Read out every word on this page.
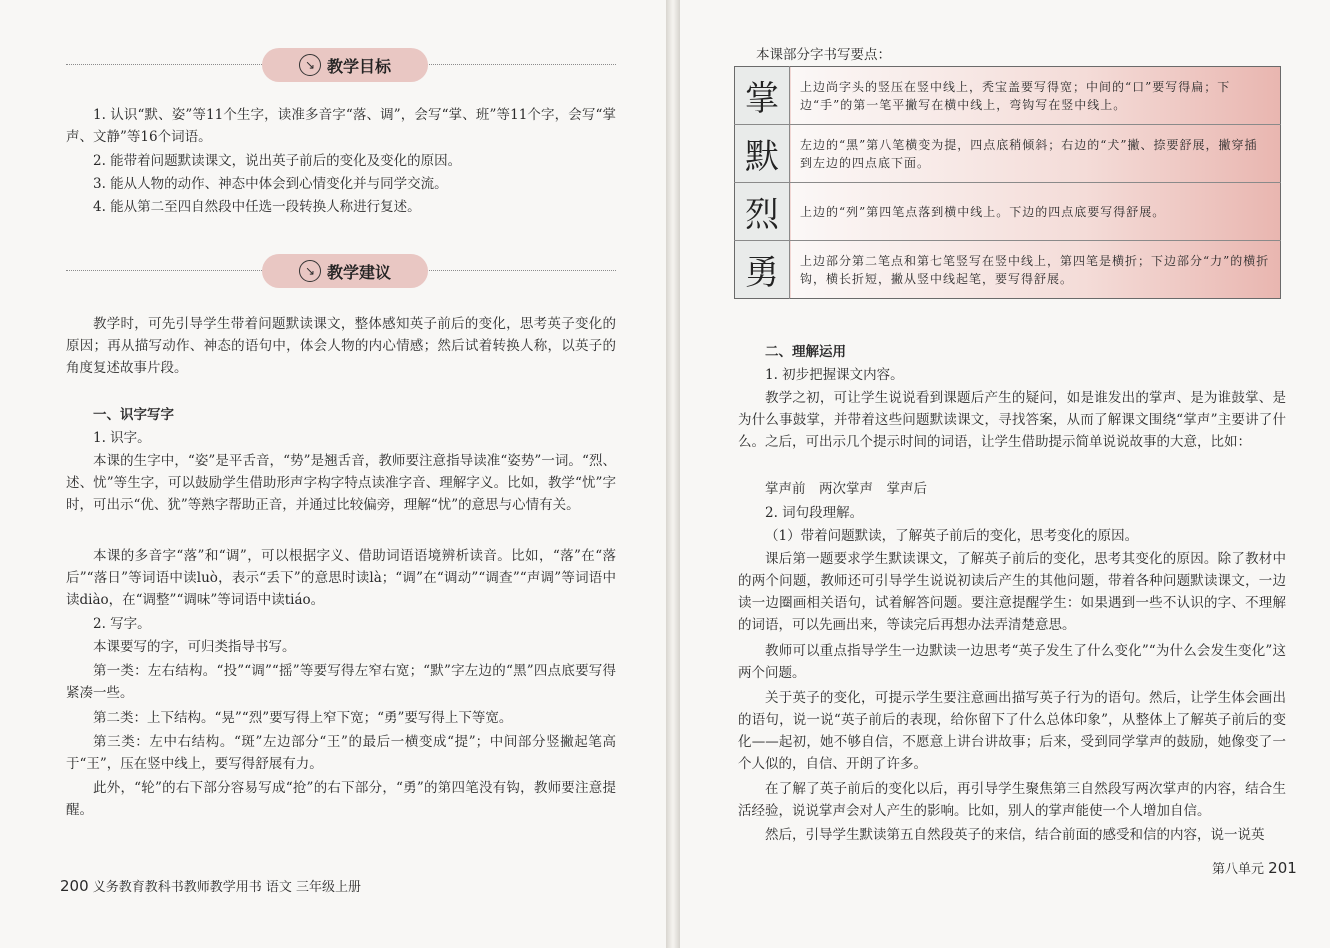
↘ 教学目标

1. 认识“默、姿”等11个生字，读准多音字“落、调”，会写“掌、班”等11个字，会写“掌声、文静”等16个词语。

2. 能带着问题默读课文，说出英子前后的变化及变化的原因。

3. 能从人物的动作、神态中体会到心情变化并与同学交流。

4. 能从第二至四自然段中任选一段转换人称进行复述。

↘ 教学建议

教学时，可先引导学生带着问题默读课文，整体感知英子前后的变化，思考英子变化的原因；再从描写动作、神态的语句中，体会人物的内心情感；然后试着转换人称，以英子的角度复述故事片段。

一、识字写字

1. 识字。

本课的生字中，“姿”是平舌音，“势”是翘舌音，教师要注意指导读准“姿势”一词。“烈、述、忧”等生字，可以鼓励学生借助形声字构字特点读准字音、理解字义。比如，教学“忧”字时，可出示“优、犹”等熟字帮助正音，并通过比较偏旁，理解“忧”的意思与心情有关。

本课的多音字“落”和“调”，可以根据字义、借助词语语境辨析读音。比如，“落”在“落后”“落日”等词语中读luò，表示“丢下”的意思时读là；“调”在“调动”“调查”“声调”等词语中读diào，在“调整”“调味”等词语中读tiáo。

2. 写字。

本课要写的字，可归类指导书写。

第一类：左右结构。“投”“调”“摇”等要写得左窄右宽；“默”字左边的“黑”四点底要写得紧凑一些。

第二类：上下结构。“晃”“烈”要写得上窄下宽；“勇”要写得上下等宽。

第三类：左中右结构。“斑”左边部分“王”的最后一横变成“提”；中间部分竖撇起笔高于“王”，压在竖中线上，要写得舒展有力。

此外，“轮”的右下部分容易写成“抢”的右下部分，“勇”的第四笔没有钩，教师要注意提醒。

200 义务教育教科书教师教学用书 语文 三年级上册

本课部分字书写要点：

掌	上边尚字头的竖压在竖中线上，秃宝盖要写得宽；中间的“口”要写得扁；下边“手”的第一笔平撇写在横中线上，弯钩写在竖中线上。
默	左边的“黑”第八笔横变为提，四点底稍倾斜；右边的“犬”撇、捺要舒展，撇穿插到左边的四点底下面。
烈	上边的“列”第四笔点落到横中线上。下边的四点底要写得舒展。
勇	上边部分第二笔点和第七笔竖写在竖中线上，第四笔是横折；下边部分“力”的横折钩，横长折短，撇从竖中线起笔，要写得舒展。

二、理解运用

1. 初步把握课文内容。

教学之初，可让学生说说看到课题后产生的疑问，如是谁发出的掌声、是为谁鼓掌、是为什么事鼓掌，并带着这些问题默读课文，寻找答案，从而了解课文围绕“掌声”主要讲了什么。之后，可出示几个提示时间的词语，让学生借助提示简单说说故事的大意，比如：

掌声前　两次掌声　掌声后

2. 词句段理解。

（1）带着问题默读，了解英子前后的变化，思考变化的原因。

课后第一题要求学生默读课文，了解英子前后的变化，思考其变化的原因。除了教材中的两个问题，教师还可引导学生说说初读后产生的其他问题，带着各种问题默读课文，一边读一边圈画相关语句，试着解答问题。要注意提醒学生：如果遇到一些不认识的字、不理解的词语，可以先画出来，等读完后再想办法弄清楚意思。

教师可以重点指导学生一边默读一边思考“英子发生了什么变化”“为什么会发生变化”这两个问题。

关于英子的变化，可提示学生要注意画出描写英子行为的语句。然后，让学生体会画出的语句，说一说“英子前后的表现，给你留下了什么总体印象”，从整体上了解英子前后的变化——起初，她不够自信，不愿意上讲台讲故事；后来，受到同学掌声的鼓励，她像变了一个人似的，自信、开朗了许多。

在了解了英子前后的变化以后，再引导学生聚焦第三自然段写两次掌声的内容，结合生活经验，说说掌声会对人产生的影响。比如，别人的掌声能使一个人增加自信。

然后，引导学生默读第五自然段英子的来信，结合前面的感受和信的内容，说一说英

第八单元 201
